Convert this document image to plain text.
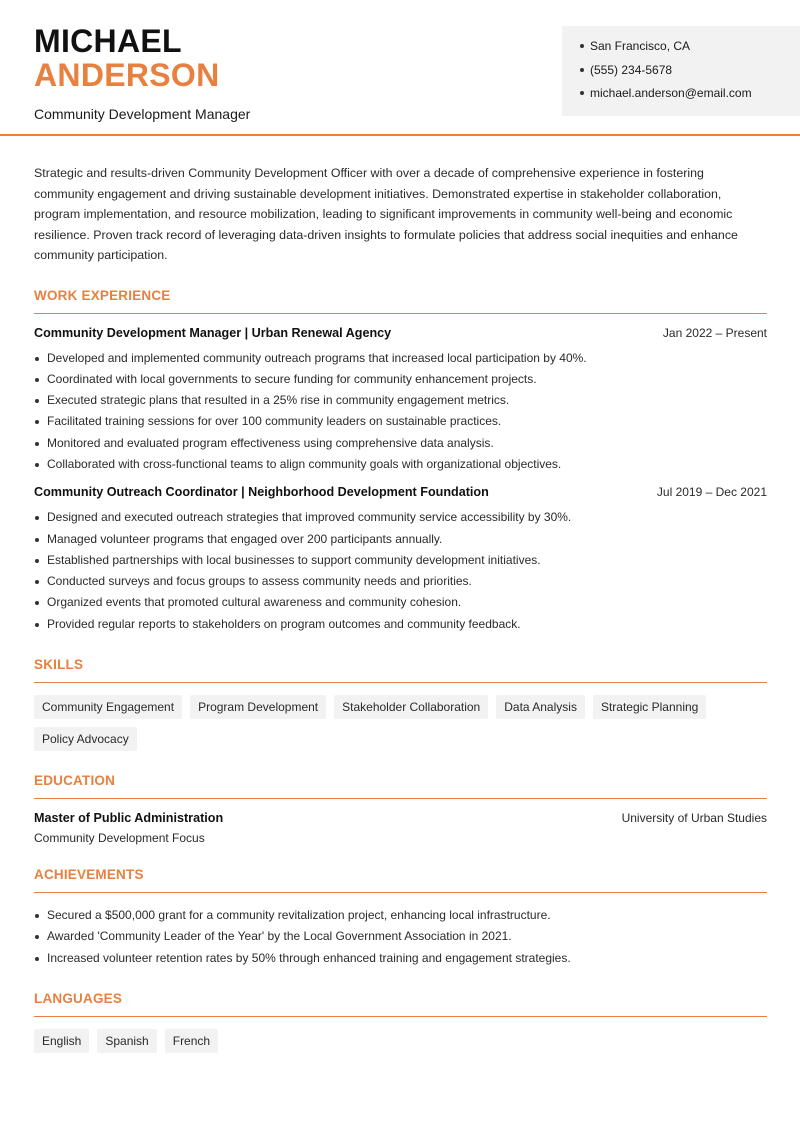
MICHAEL
ANDERSON
Community Development Manager
San Francisco, CA
(555) 234-5678
michael.anderson@email.com

Strategic and results-driven Community Development Officer with over a decade of comprehensive experience in fostering community engagement and driving sustainable development initiatives. Demonstrated expertise in stakeholder collaboration, program implementation, and resource mobilization, leading to significant improvements in community well-being and economic resilience. Proven track record of leveraging data-driven insights to formulate policies that address social inequities and enhance community participation.

WORK EXPERIENCE
Community Development Manager | Urban Renewal Agency	Jan 2022 – Present
Developed and implemented community outreach programs that increased local participation by 40%.
Coordinated with local governments to secure funding for community enhancement projects.
Executed strategic plans that resulted in a 25% rise in community engagement metrics.
Facilitated training sessions for over 100 community leaders on sustainable practices.
Monitored and evaluated program effectiveness using comprehensive data analysis.
Collaborated with cross-functional teams to align community goals with organizational objectives.
Community Outreach Coordinator | Neighborhood Development Foundation	Jul 2019 – Dec 2021
Designed and executed outreach strategies that improved community service accessibility by 30%.
Managed volunteer programs that engaged over 200 participants annually.
Established partnerships with local businesses to support community development initiatives.
Conducted surveys and focus groups to assess community needs and priorities.
Organized events that promoted cultural awareness and community cohesion.
Provided regular reports to stakeholders on program outcomes and community feedback.
SKILLS
Community Engagement	Program Development	Stakeholder Collaboration	Data Analysis	Strategic Planning
Policy Advocacy
EDUCATION
Master of Public Administration	University of Urban Studies
Community Development Focus
ACHIEVEMENTS
Secured a $500,000 grant for a community revitalization project, enhancing local infrastructure.
Awarded 'Community Leader of the Year' by the Local Government Association in 2021.
Increased volunteer retention rates by 50% through enhanced training and engagement strategies.
LANGUAGES
English	Spanish	French
